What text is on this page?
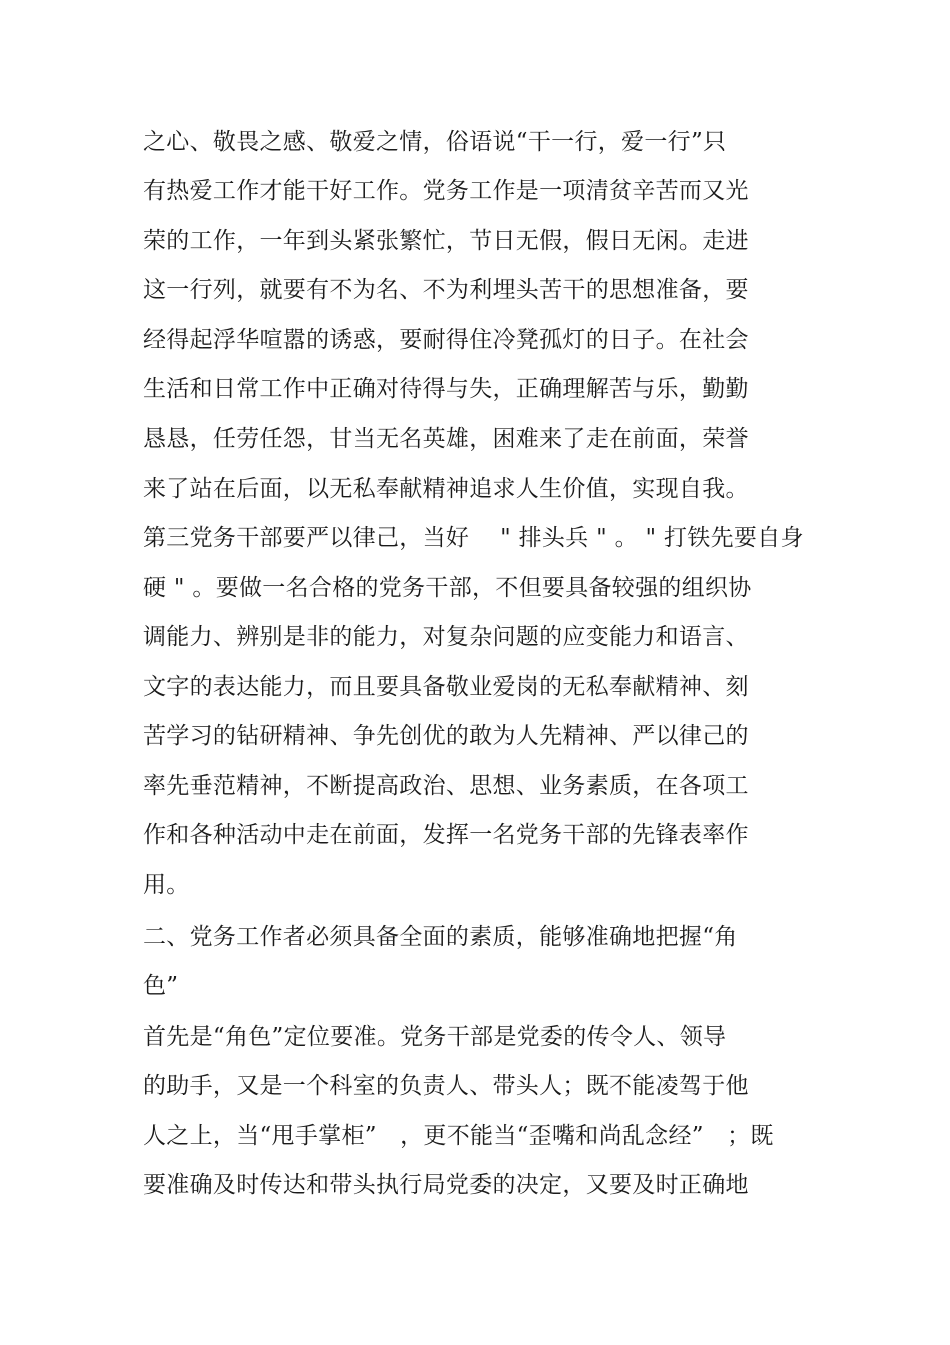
之心、敬畏之感、敬爱之情，俗语说“干一行，爱一行”只
有热爱工作才能干好工作。党务工作是一项清贫辛苦而又光
荣的工作，一年到头紧张繁忙，节日无假，假日无闲。走进
这一行列，就要有不为名、不为利埋头苦干的思想准备，要
经得起浮华喧嚣的诱惑，要耐得住冷凳孤灯的日子。在社会
生活和日常工作中正确对待得与失，正确理解苦与乐，勤勤
恳恳，任劳任怨，甘当无名英雄，困难来了走在前面，荣誉
来了站在后面，以无私奉献精神追求人生价值，实现自我。
第三党务干部要严以律己，当好　 " 排头兵 " 。 " 打铁先要自身
硬 " 。要做一名合格的党务干部，不但要具备较强的组织协
调能力、辨别是非的能力，对复杂问题的应变能力和语言、
文字的表达能力，而且要具备敬业爱岗的无私奉献精神、刻
苦学习的钻研精神、争先创优的敢为人先精神、严以律己的
率先垂范精神，不断提高政治、思想、业务素质，在各项工
作和各种活动中走在前面，发挥一名党务干部的先锋表率作
用。
二、党务工作者必须具备全面的素质，能够准确地把握“角
色”
首先是“角色”定位要准。党务干部是党委的传令人、领导
的助手，又是一个科室的负责人、带头人；既不能凌驾于他
人之上，当“甩手掌柜”　，更不能当“歪嘴和尚乱念经”　；既
要准确及时传达和带头执行局党委的决定，又要及时正确地
